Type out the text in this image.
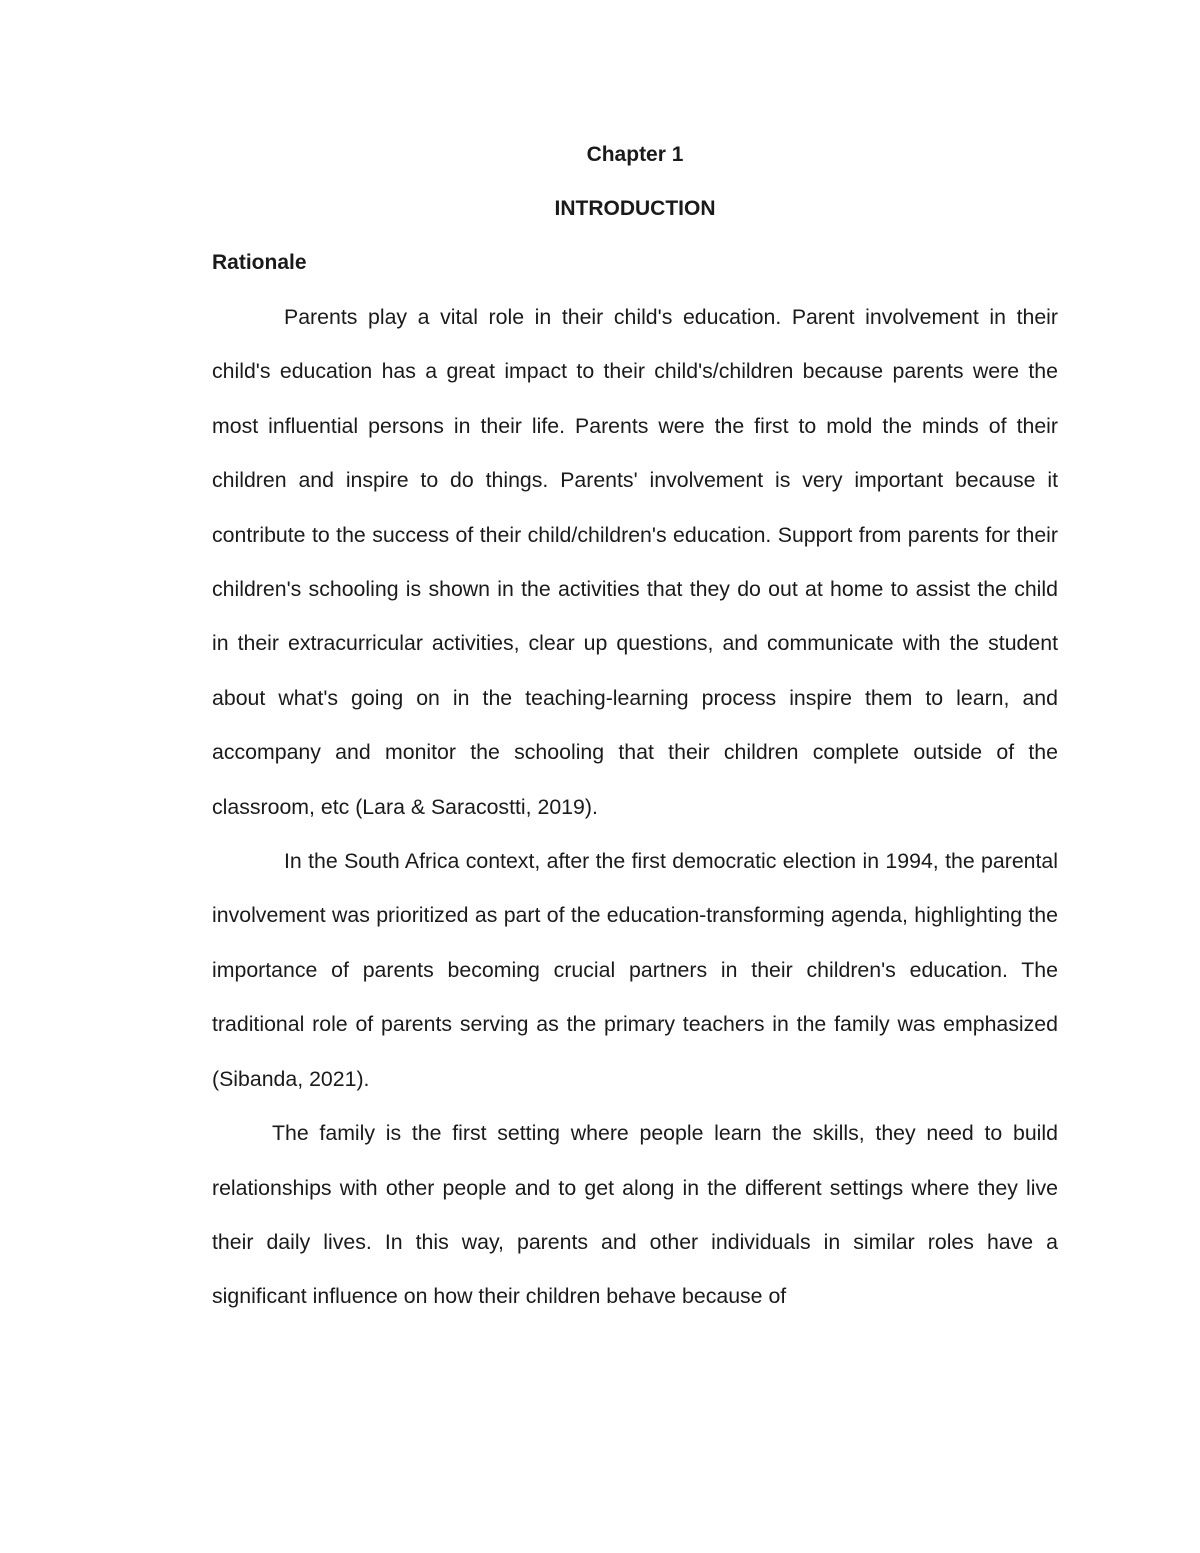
Chapter 1
INTRODUCTION
Rationale

Parents play a vital role in their child's education. Parent involvement in their child's education has a great impact to their child's/children because parents were the most influential persons in their life. Parents were the first to mold the minds of their children and inspire to do things. Parents' involvement is very important because it contribute to the success of their child/children's education. Support from parents for their children's schooling is shown in the activities that they do out at home to assist the child in their extracurricular activities, clear up questions, and communicate with the student about what's going on in the teaching-learning process inspire them to learn, and accompany and monitor the schooling that their children complete outside of the classroom, etc (Lara & Saracostti, 2019).

In the South Africa context, after the first democratic election in 1994, the parental involvement was prioritized as part of the education-transforming agenda, highlighting the importance of parents becoming crucial partners in their children's education. The traditional role of parents serving as the primary teachers in the family was emphasized (Sibanda, 2021).

The family is the first setting where people learn the skills, they need to build relationships with other people and to get along in the different settings where they live their daily lives. In this way, parents and other individuals in similar roles have a significant influence on how their children behave because of
